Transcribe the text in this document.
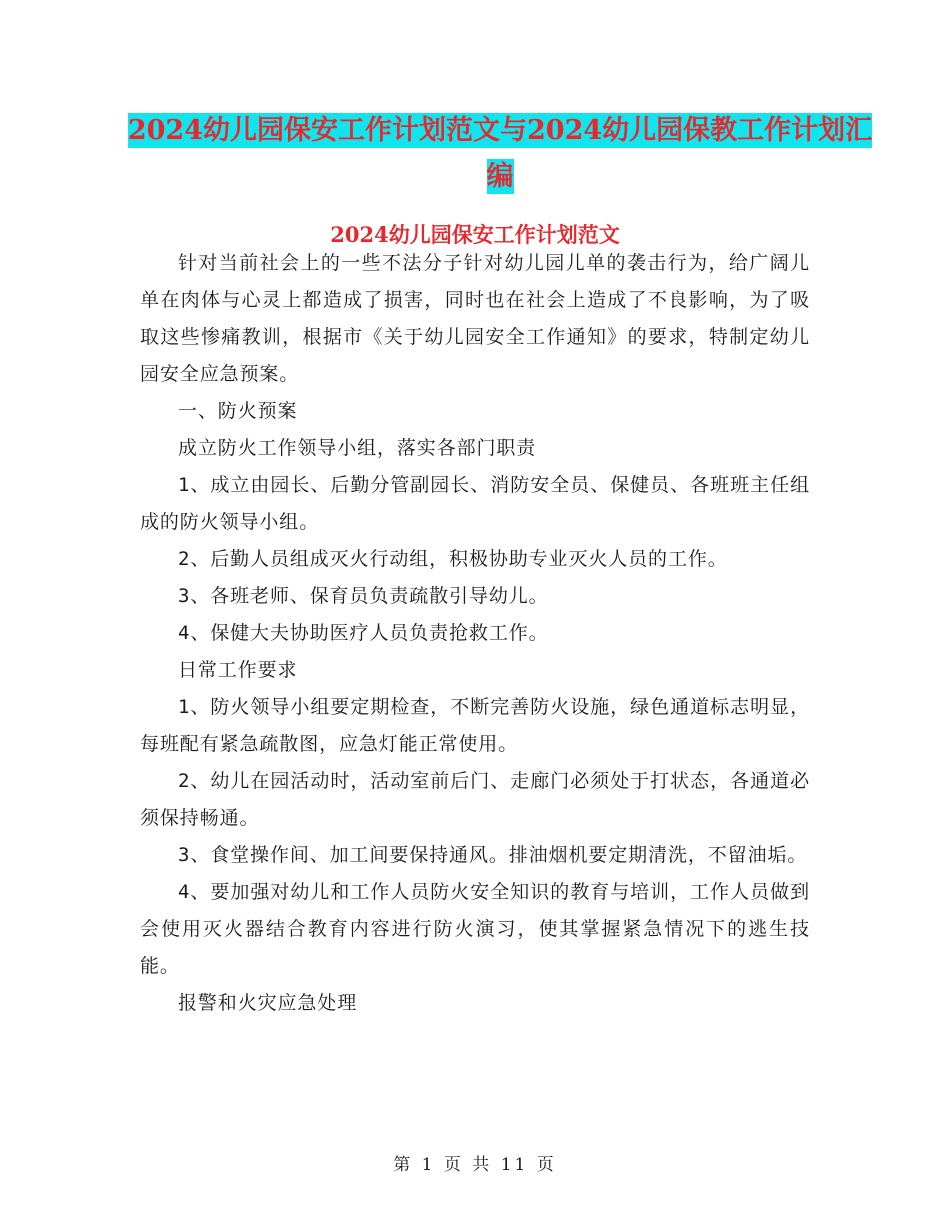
2024幼儿园保安工作计划范文与2024幼儿园保教工作计划汇编
2024幼儿园保安工作计划范文

针对当前社会上的一些不法分子针对幼儿园儿单的袭击行为，给广阔儿单在肉体与心灵上都造成了损害，同时也在社会上造成了不良影响，为了吸取这些惨痛教训，根据市《关于幼儿园安全工作通知》的要求，特制定幼儿园安全应急预案。

一、防火预案

成立防火工作领导小组，落实各部门职责

1、成立由园长、后勤分管副园长、消防安全员、保健员、各班班主任组成的防火领导小组。

2、后勤人员组成灭火行动组，积极协助专业灭火人员的工作。

3、各班老师、保育员负责疏散引导幼儿。

4、保健大夫协助医疗人员负责抢救工作。

日常工作要求

1、防火领导小组要定期检查，不断完善防火设施，绿色通道标志明显，每班配有紧急疏散图，应急灯能正常使用。

2、幼儿在园活动时，活动室前后门、走廊门必须处于打状态，各通道必须保持畅通。

3、食堂操作间、加工间要保持通风。排油烟机要定期清洗，不留油垢。

4、要加强对幼儿和工作人员防火安全知识的教育与培训，工作人员做到会使用灭火器结合教育内容进行防火演习，使其掌握紧急情况下的逃生技能。

报警和火灾应急处理

第 1 页 共 11 页
